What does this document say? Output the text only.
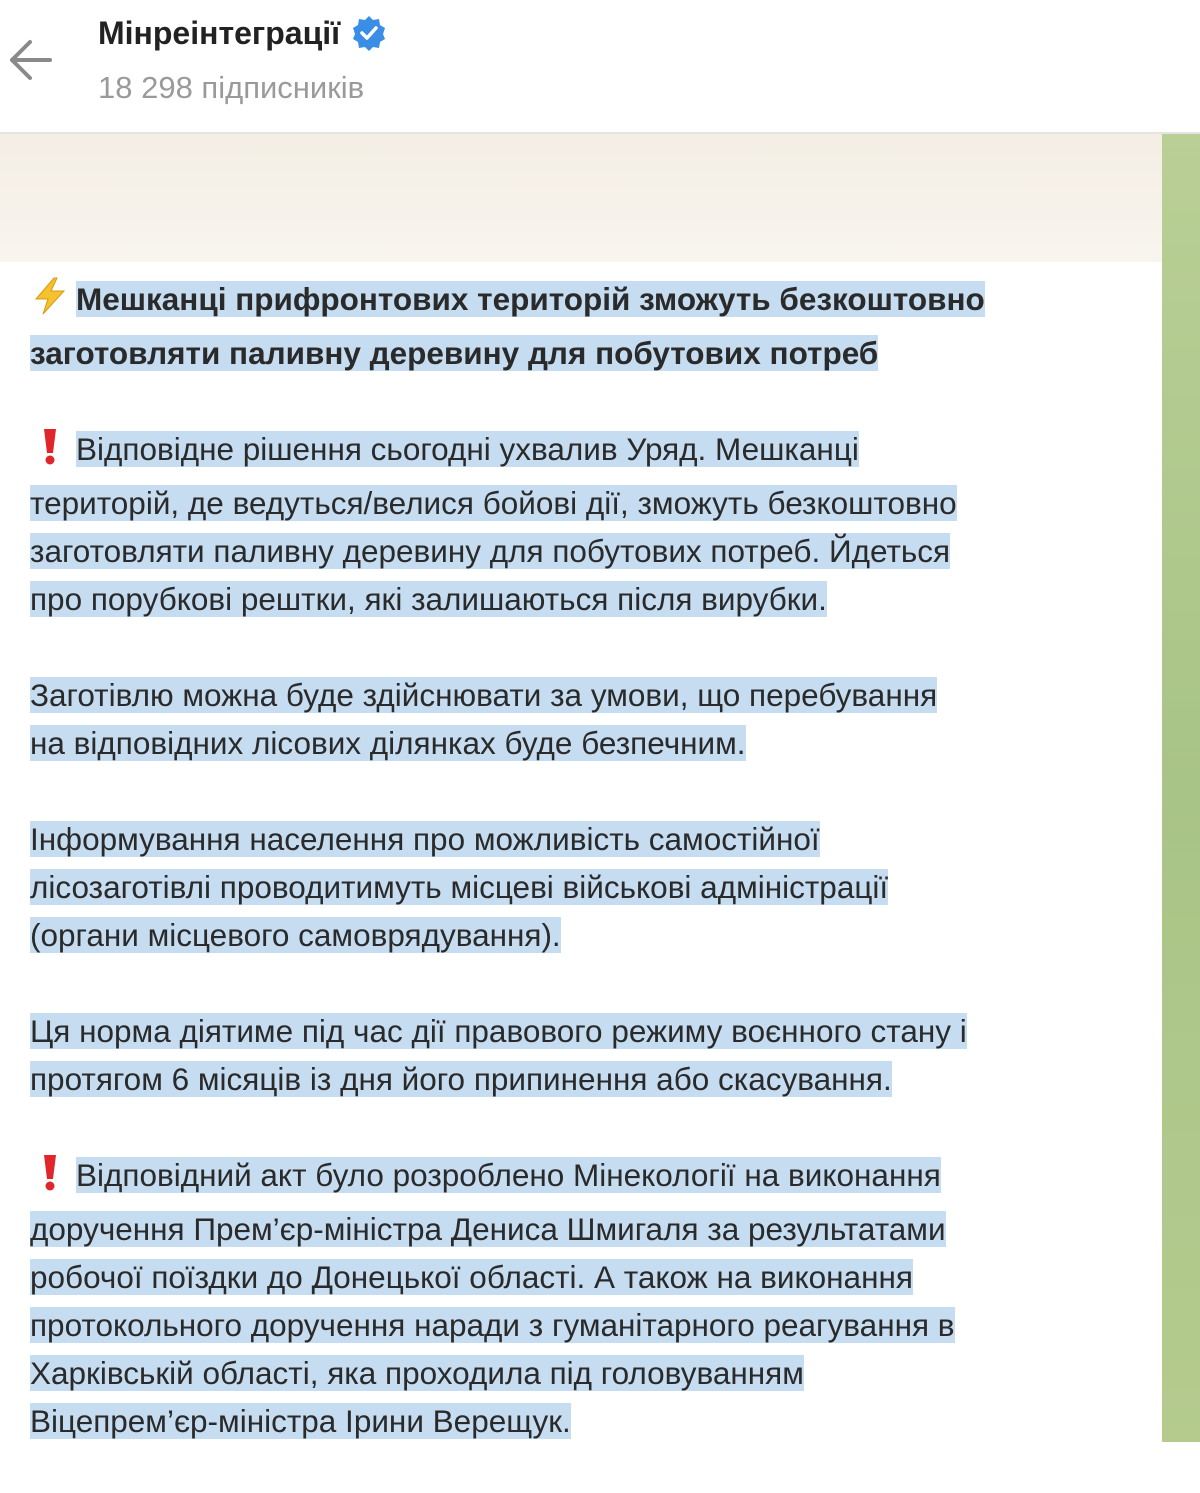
Мінреінтеграції
18 298 підписників
Мешканці прифронтових територій зможуть безкоштовно
заготовляти паливну деревину для побутових потреб
Відповідне рішення сьогодні ухвалив Уряд. Мешканці
територій, де ведуться/велися бойові дії, зможуть безкоштовно
заготовляти паливну деревину для побутових потреб. Йдеться
про порубкові рештки, які залишаються після вирубки.
Заготівлю можна буде здійснювати за умови, що перебування
на відповідних лісових ділянках буде безпечним.
Інформування населення про можливість самостійної
лісозаготівлі проводитимуть місцеві військові адміністрації
(органи місцевого самоврядування).
Ця норма діятиме під час дії правового режиму воєнного стану і
протягом 6 місяців із дня його припинення або скасування.
Відповідний акт було розроблено Мінекології на виконання
доручення Прем’єр-міністра Дениса Шмигаля за результатами
робочої поїздки до Донецької області. А також на виконання
протокольного доручення наради з гуманітарного реагування в
Харківській області, яка проходила під головуванням
Віцепрем’єр-міністра Ірини Верещук.
